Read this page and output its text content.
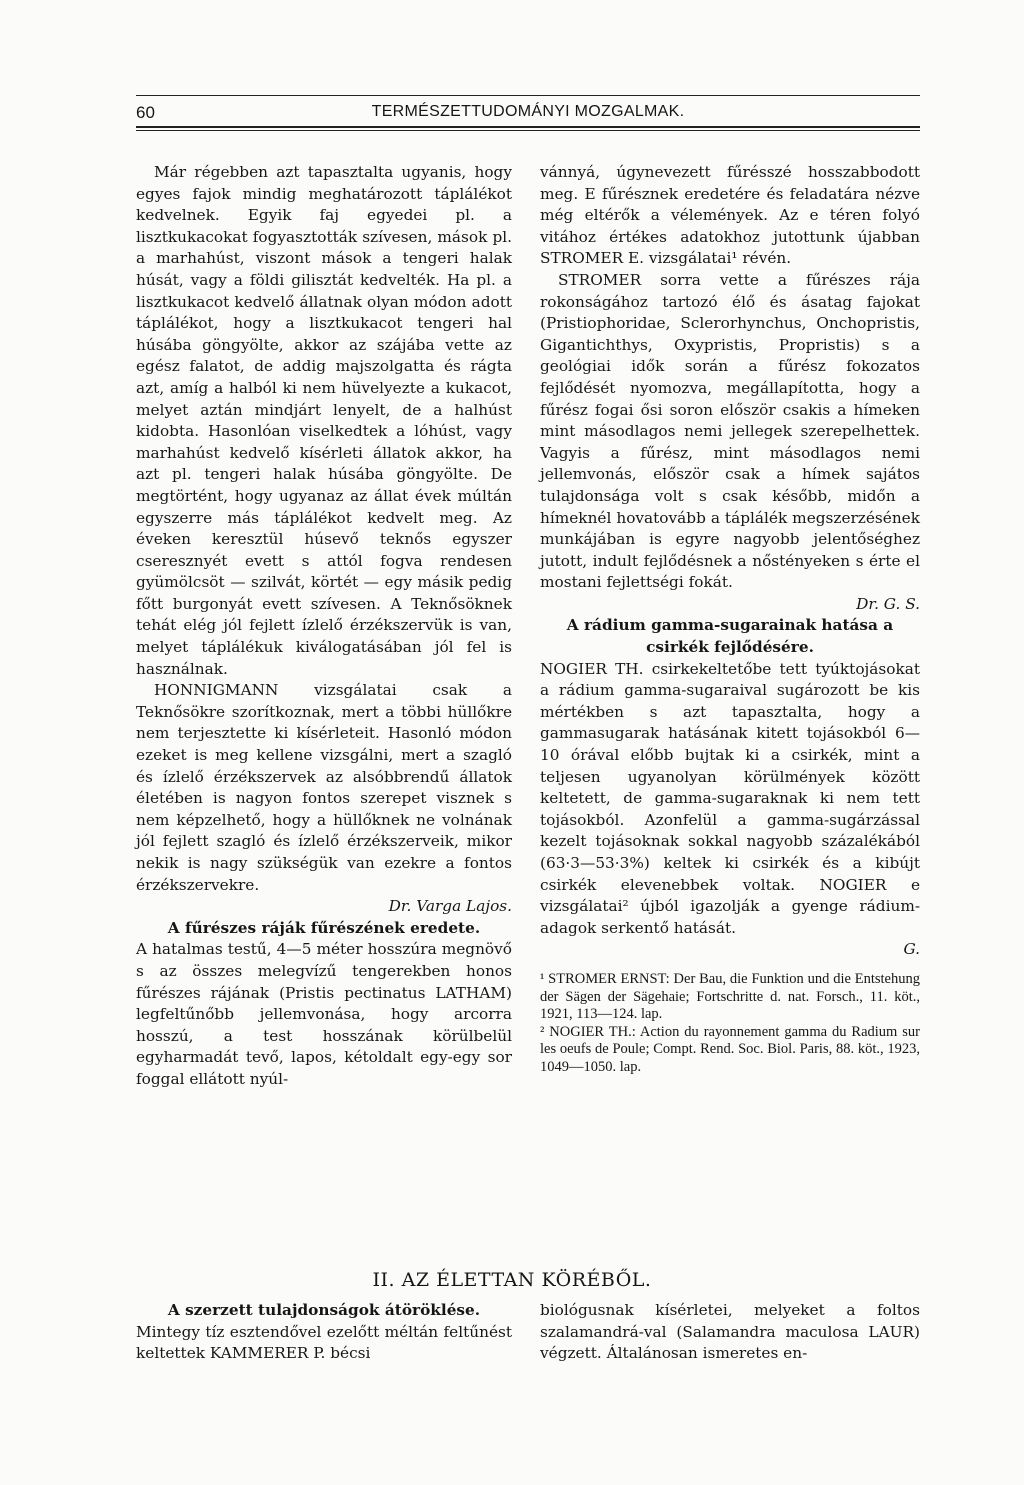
60	TERMÉSZETTUDOMÁNYI MOZGALMAK.

Már régebben azt tapasztalta ugyanis, hogy egyes fajok mindig meghatározott táplálékot kedvelnek. Egyik faj egyedei pl. a lisztkukacokat fogyasztották szívesen, mások pl. a marhahúst, viszont mások a tengeri halak húsát, vagy a földi gilisztát kedvelték. Ha pl. a lisztkukacot kedvelő állatnak olyan módon adott táplálékot, hogy a lisztkukacot tengeri hal húsába göngyölte, akkor az szájába vette az egész falatot, de addig majszolgatta és rágta azt, amíg a halból ki nem hüvelyezte a kukacot, melyet aztán mindjárt lenyelt, de a halhúst kidobta. Hasonlóan viselkedtek a lóhúst, vagy marhahúst kedvelő kísérleti állatok akkor, ha azt pl. tengeri halak húsába göngyölte. De megtörtént, hogy ugyanaz az állat évek múltán egyszerre más táplálékot kedvelt meg. Az éveken keresztül húsevő teknős egyszer cseresznyét evett s attól fogva rendesen gyümölcsöt — szilvát, körtét — egy másik pedig főtt burgonyát evett szívesen. A Teknősöknek tehát elég jól fejlett ízlelő érzékszervük is van, melyet táplálékuk kiválogatásában jól fel is használnak.

HONNIGMANN vizsgálatai csak a Teknősökre szorítkoznak, mert a többi hüllőkre nem terjesztette ki kísérleteit. Hasonló módon ezeket is meg kellene vizsgálni, mert a szagló és ízlelő érzékszervek az alsóbbrendű állatok életében is nagyon fontos szerepet visznek s nem képzelhető, hogy a hüllőknek ne volnának jól fejlett szagló és ízlelő érzékszerveik, mikor nekik is nagy szükségük van ezekre a fontos érzékszervekre.

Dr. Varga Lajos.

A fűrészes ráják fűrészének eredete.

A hatalmas testű, 4—5 méter hosszúra megnövő s az összes melegvízű tengerekben honos fűrészes rájának (Pristis pectinatus LATHAM) legfeltűnőbb jellemvonása, hogy arcorra hosszú, a test hosszának körülbelül egyharmadát tevő, lapos, kétoldalt egy-egy sor foggal ellátott nyúl-

vánnyá, úgynevezett fűrésszé hosszabbodott meg. E fűrésznek eredetére és feladatára nézve még eltérők a vélemények. Az e téren folyó vitához értékes adatokhoz jutottunk újabban STROMER E. vizsgálatai¹ révén.

STROMER sorra vette a fűrészes rája rokonságához tartozó élő és ásatag fajokat (Pristiophoridae, Sclerorhynchus, Onchopristis, Gigantichthys, Oxypristis, Propristis) s a geológiai idők során a fűrész fokozatos fejlődését nyomozva, megállapította, hogy a fűrész fogai ősi soron először csakis a hímeken mint másodlagos nemi jellegek szerepelhettek. Vagyis a fűrész, mint másodlagos nemi jellemvonás, először csak a hímek sajátos tulajdonsága volt s csak később, midőn a hímeknél hovatovább a táplálék megszerzésének munkájában is egyre nagyobb jelentőséghez jutott, indult fejlődésnek a nőstényeken s érte el mostani fejlettségi fokát.

Dr. G. S.

A rádium gamma-sugarainak hatása a csirkék fejlődésére.

NOGIER TH. csirkekeltetőbe tett tyúktojásokat a rádium gamma-sugaraival sugározott be kis mértékben s azt tapasztalta, hogy a gammasugarak hatásának kitett tojásokból 6—10 órával előbb bujtak ki a csirkék, mint a teljesen ugyanolyan körülmények között keltetett, de gamma-sugaraknak ki nem tett tojásokból. Azonfelül a gamma-sugárzással kezelt tojásoknak sokkal nagyobb százalékából (63·3—53·3%) keltek ki csirkék és a kibújt csirkék elevenebbek voltak. NOGIER e vizsgálatai² újból igazolják a gyenge rádium-adagok serkentő hatását.

G.

¹ STROMER ERNST: Der Bau, die Funktion und die Entstehung der Sägen der Sägehaie; Fortschritte d. nat. Forsch., 11. köt., 1921, 113—124. lap.

² NOGIER TH.: Action du rayonnement gamma du Radium sur les oeufs de Poule; Compt. Rend. Soc. Biol. Paris, 88. köt., 1923, 1049—1050. lap.

II. AZ ÉLETTAN KÖRÉBŐL.

A szerzett tulajdonságok átöröklése.

Mintegy tíz esztendővel ezelőtt méltán feltűnést keltettek KAMMERER P. bécsi

biológusnak kísérletei, melyeket a foltos szalamandrá-val (Salamandra maculosa LAUR) végzett. Általánosan ismeretes en-
